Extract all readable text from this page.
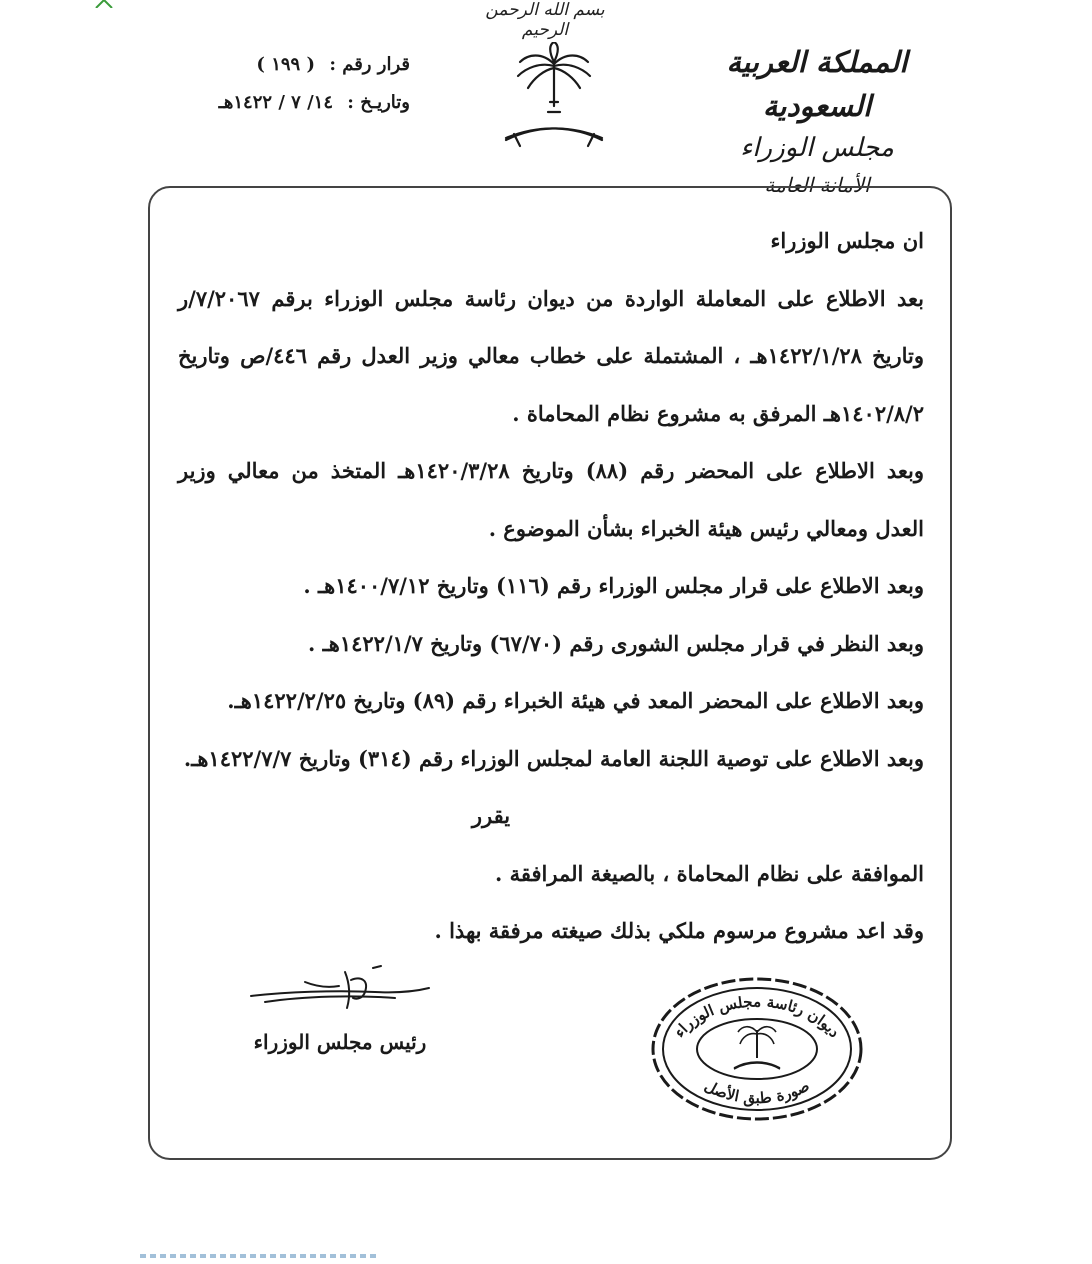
بسم الله الرحمن الرحيم
المملكة العربية السعودية
مجلس الوزراء
الأمانة العامة
قرار رقم : ( ١٩٩ )
وتاريـخ : ١٤/ ٧ / ١٤٢٢هـ

ان مجلس الوزراء

بعد الاطلاع على المعاملة الواردة من ديوان رئاسة مجلس الوزراء برقم ٧/٢٠٦٧/ر وتاريخ ١٤٢٢/١/٢٨هـ ، المشتملة على خطاب معالي وزير العدل رقم ٤٤٦/ص وتاريخ ١٤٠٢/٨/٢هـ المرفق به مشروع نظام المحاماة .

وبعد الاطلاع على المحضر رقم (٨٨) وتاريخ ١٤٢٠/٣/٢٨هـ المتخذ من معالي وزير العدل ومعالي رئيس هيئة الخبراء بشأن الموضوع .

وبعد الاطلاع على قرار مجلس الوزراء رقم (١١٦) وتاريخ ١٤٠٠/٧/١٢هـ .

وبعد النظر في قرار مجلس الشورى رقم (٦٧/٧٠) وتاريخ ١٤٢٢/١/٧هـ .

وبعد الاطلاع على المحضر المعد في هيئة الخبراء رقم (٨٩) وتاريخ ١٤٢٢/٢/٢٥هـ.

وبعد الاطلاع على توصية اللجنة العامة لمجلس الوزراء رقم (٣١٤) وتاريخ ١٤٢٢/٧/٧هـ.

يقرر

الموافقة على نظام المحاماة ، بالصيغة المرافقة .

وقد اعد مشروع مرسوم ملكي بذلك صيغته مرفقة بهذا .

رئيس مجلس الوزراء	ديوان رئاسة مجلس الوزراء
صورة طبق الأصل
